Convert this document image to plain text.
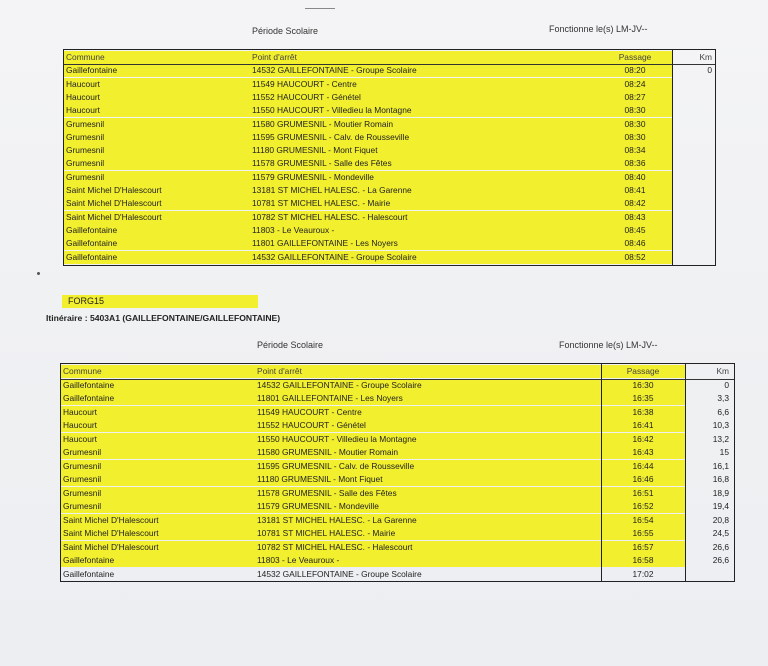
Période Scolaire	Fonctionne le(s) LM-JV--
Commune	Point d'arrêt	Passage	Km
Gaillefontaine	14532 GAILLEFONTAINE - Groupe Scolaire	08:20	0
Haucourt	11549 HAUCOURT - Centre	08:24
Haucourt	11552 HAUCOURT - Génétel	08:27
Haucourt	11550 HAUCOURT - Villedieu la Montagne	08:30
Grumesnil	11580 GRUMESNIL - Moutier Romain	08:30
Grumesnil	11595 GRUMESNIL - Calv. de Rousseville	08:30
Grumesnil	11180 GRUMESNIL - Mont Fiquet	08:34
Grumesnil	11578 GRUMESNIL - Salle des Fêtes	08:36
Grumesnil	11579 GRUMESNIL - Mondeville	08:40
Saint Michel D'Halescourt	13181 ST MICHEL HALESC. - La Garenne	08:41
Saint Michel D'Halescourt	10781 ST MICHEL HALESC. - Mairie	08:42
Saint Michel D'Halescourt	10782 ST MICHEL HALESC. - Halescourt	08:43
Gaillefontaine	11803 - Le Veauroux -	08:45
Gaillefontaine	11801 GAILLEFONTAINE - Les Noyers	08:46
Gaillefontaine	14532 GAILLEFONTAINE - Groupe Scolaire	08:52
FORG15
Itinéraire : 5403A1 (GAILLEFONTAINE/GAILLEFONTAINE)
Période Scolaire	Fonctionne le(s) LM-JV--
Commune	Point d'arrêt	Passage	Km
Gaillefontaine	14532 GAILLEFONTAINE - Groupe Scolaire	16:30	0
Gaillefontaine	11801 GAILLEFONTAINE - Les Noyers	16:35	3,3
Haucourt	11549 HAUCOURT - Centre	16:38	6,6
Haucourt	11552 HAUCOURT - Génétel	16:41	10,3
Haucourt	11550 HAUCOURT - Villedieu la Montagne	16:42	13,2
Grumesnil	11580 GRUMESNIL - Moutier Romain	16:43	15
Grumesnil	11595 GRUMESNIL - Calv. de Rousseville	16:44	16,1
Grumesnil	11180 GRUMESNIL - Mont Fiquet	16:46	16,8
Grumesnil	11578 GRUMESNIL - Salle des Fêtes	16:51	18,9
Grumesnil	11579 GRUMESNIL - Mondeville	16:52	19,4
Saint Michel D'Halescourt	13181 ST MICHEL HALESC. - La Garenne	16:54	20,8
Saint Michel D'Halescourt	10781 ST MICHEL HALESC. - Mairie	16:55	24,5
Saint Michel D'Halescourt	10782 ST MICHEL HALESC. - Halescourt	16:57	26,6
Gaillefontaine	11803 - Le Veauroux -	16:58	26,6
Gaillefontaine	14532 GAILLEFONTAINE - Groupe Scolaire	17:02
